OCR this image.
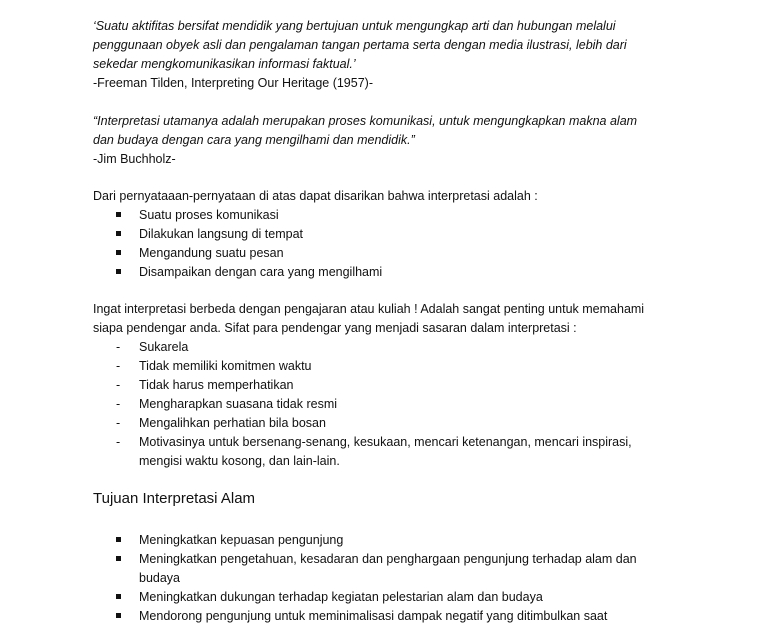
‘Suatu aktifitas bersifat mendidik yang bertujuan untuk mengungkap arti dan hubungan melalui
penggunaan obyek asli dan pengalaman tangan pertama serta dengan media ilustrasi, lebih dari
sekedar mengkomunikasikan informasi faktual.’
-Freeman Tilden, Interpreting Our Heritage (1957)-
“Interpretasi utamanya adalah merupakan proses komunikasi, untuk mengungkapkan makna alam
dan budaya dengan cara yang mengilhami dan mendidik.”
-Jim Buchholz-
Dari pernyataaan-pernyataan di atas dapat disarikan bahwa interpretasi adalah :
Suatu proses komunikasi
Dilakukan langsung di tempat
Mengandung suatu pesan
Disampaikan dengan cara yang mengilhami
Ingat interpretasi berbeda dengan pengajaran atau kuliah ! Adalah sangat penting untuk memahami
siapa pendengar anda. Sifat para pendengar yang menjadi sasaran dalam interpretasi :
- Sukarela
- Tidak memiliki komitmen waktu
- Tidak harus memperhatikan
- Mengharapkan suasana tidak resmi
- Mengalihkan perhatian bila bosan
- Motivasinya untuk bersenang-senang, kesukaan, mencari ketenangan, mencari inspirasi,
mengisi waktu kosong, dan lain-lain.
Tujuan Interpretasi Alam
Meningkatkan kepuasan pengunjung
Meningkatkan pengetahuan, kesadaran dan penghargaan pengunjung terhadap alam dan
budaya
Meningkatkan dukungan terhadap kegiatan pelestarian alam dan budaya
Mendorong pengunjung untuk meminimalisasi dampak negatif yang ditimbulkan saat
